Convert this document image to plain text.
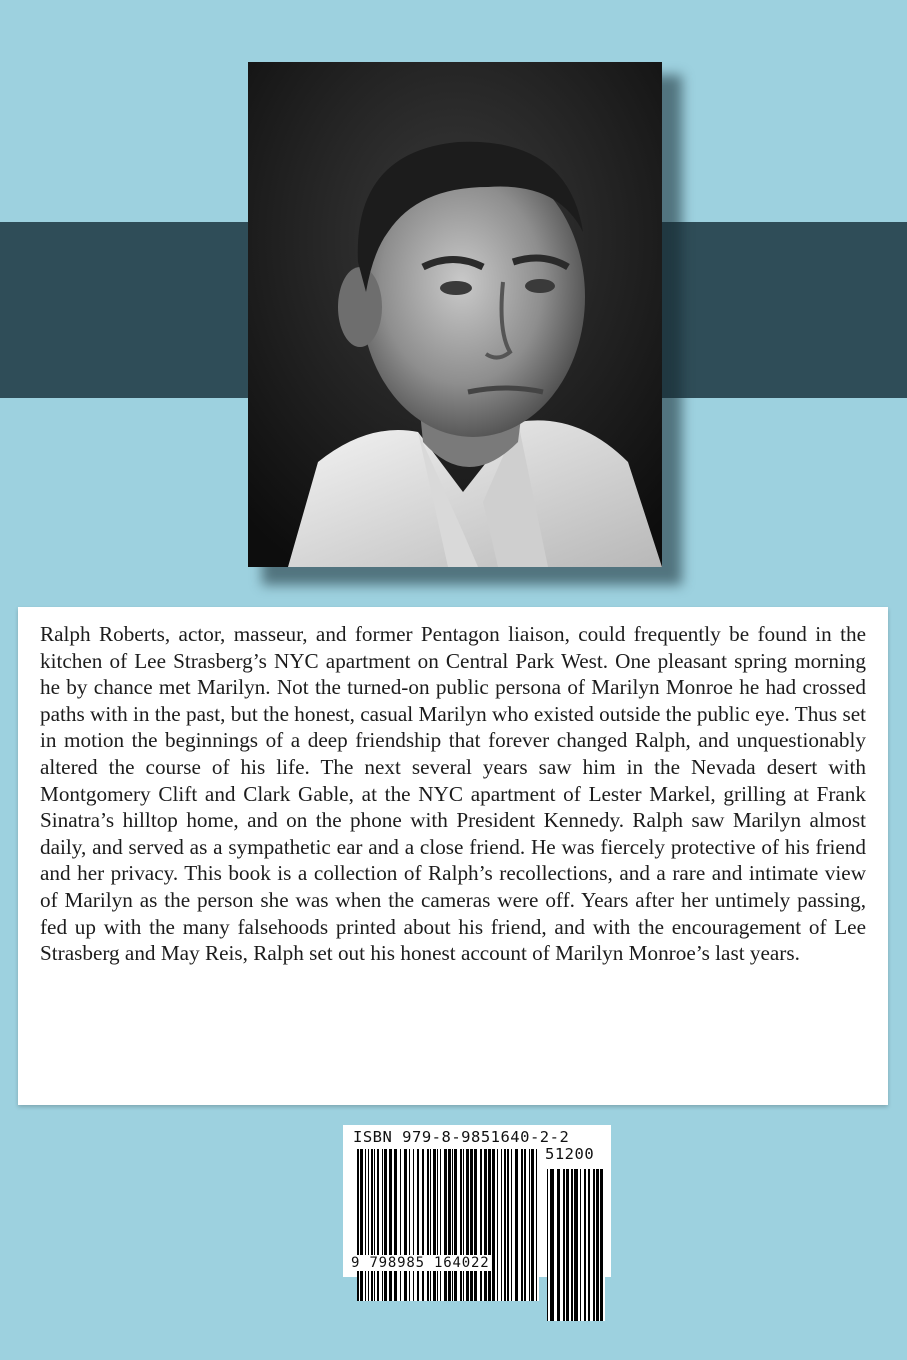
Ralph Roberts, actor, masseur, and former Pentagon liaison, could frequently be found in the kitchen of Lee Strasberg’s NYC apartment on Central Park West. One pleasant spring morning he by chance met Marilyn. Not the turned-on public persona of Marilyn Monroe he had crossed paths with in the past, but the honest, casual Marilyn who existed outside the public eye. Thus set in motion the beginnings of a deep friendship that forever changed Ralph, and unquestionably altered the course of his life. The next several years saw him in the Nevada desert with Montgomery Clift and Clark Gable, at the NYC apartment of Lester Markel, grilling at Frank Sinatra’s hilltop home, and on the phone with President Kennedy. Ralph saw Marilyn almost daily, and served as a sympathetic ear and a close friend. He was fiercely protective of his friend and her privacy. This book is a collection of Ralph’s recollections, and a rare and intimate view of Marilyn as the person she was when the cameras were off. Years after her untimely passing, fed up with the many falsehoods printed about his friend, and with the encouragement of Lee Strasberg and May Reis, Ralph set out his honest account of Marilyn Monroe’s last years.

ISBN 979-8-9851640-2-2
51200
9 798985 164022
